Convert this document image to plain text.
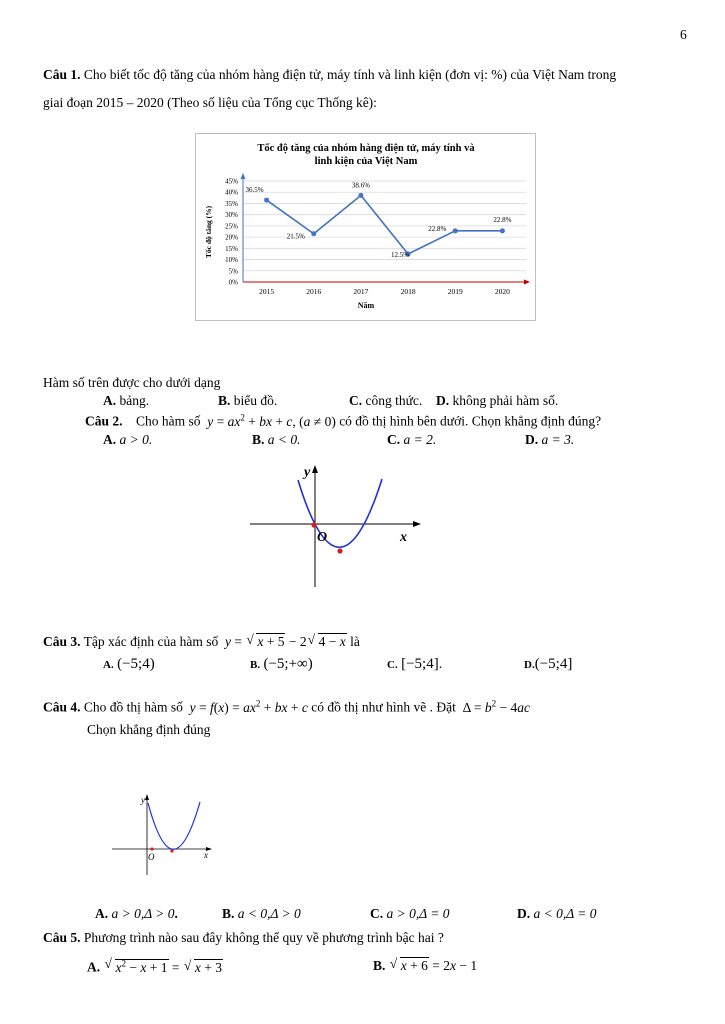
6
Câu 1. Cho biết tốc độ tăng của nhóm hàng điện tử, máy tính và linh kiện (đơn vị: %) của Việt Nam trong
giai đoạn 2015 – 2020 (Theo số liệu của Tổng cục Thống kê):
Tốc độ tăng của nhóm hàng điện tử, máy tính và
linh kiện của Việt Nam
Năm
Tốc độ tăng (%)
0%
5%
10%
15%
20%
25%
30%
35%
40%
45%
2015	2016	2017	2018	2019	2020
36.5%
21.5%
38.6%
12.5%
22.8%
22.8%
Hàm số trên được cho dưới dạng
A. bảng.	B. biểu đồ.	C. công thức. D. không phải hàm số.
Câu 2. Cho hàm số  $y = ax^2$ + bx + c, (a ≠ 0) có đồ thị hình bên dưới. Chọn khẳng định đúng?
A. a > 0.	B. a < 0.	C. a = 2.	D. a = 3.
y
O	x
Câu 3. Tập xác định của hàm số  y = √ x + 5 − 2 √ 4 − x là
A. (−5;4)	B. (−5;+∞)	C. [−5;4].	D.(−5;4]
Câu 4. Cho đồ thị hàm số  $y = f(x) = ax^2$ + bx + c có đồ thị như hình vẽ . Đặt $\Delta = b^2 - 4ac$
Chọn khẳng định đúng
y
O	x
A. a > 0,Δ > 0.	B. a < 0,Δ > 0	C. a > 0,Δ = 0	D. a < 0,Δ = 0
Câu 5. Phương trình nào sau đây không thể quy về phương trình bậc hai ?
A. √ $x^2 - x + 1$ = √ x + 3	B. √ x + 6 = 2x − 1
